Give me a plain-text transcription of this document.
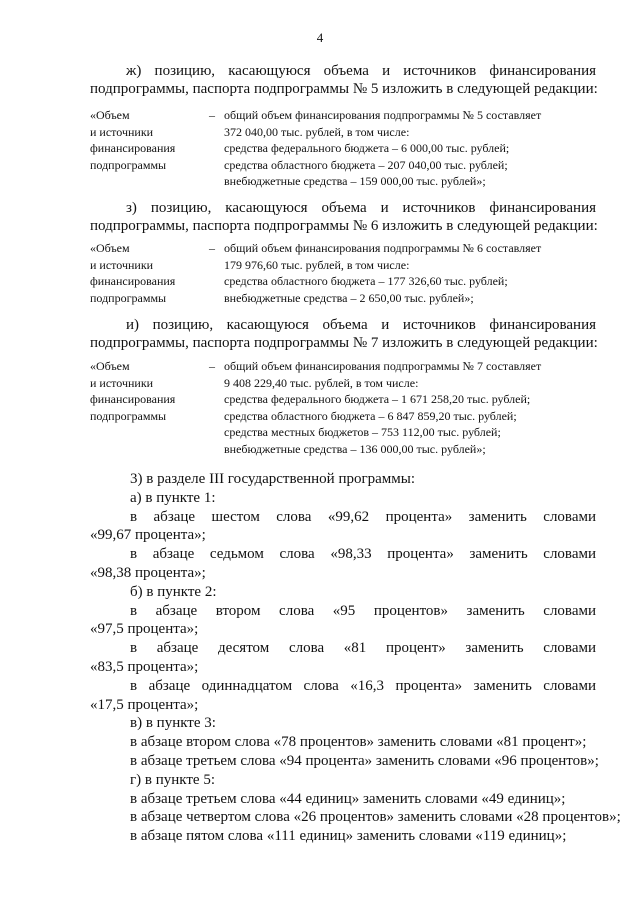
4
ж) позицию, касающуюся объема и источников финансирования
подпрограммы, паспорта подпрограммы № 5 изложить в следующей редакции:
«Объем
и источники
финансирования
подпрограммы
– общий объем финансирования подпрограммы № 5 составляет
372 040,00 тыс. рублей, в том числе:
средства федерального бюджета – 6 000,00 тыс. рублей;
средства областного бюджета – 207 040,00 тыс. рублей;
внебюджетные средства – 159 000,00 тыс. рублей»;
з) позицию, касающуюся объема и источников финансирования
подпрограммы, паспорта подпрограммы № 6 изложить в следующей редакции:
«Объем
и источники
финансирования
подпрограммы
– общий объем финансирования подпрограммы № 6 составляет
179 976,60 тыс. рублей, в том числе:
средства областного бюджета – 177 326,60 тыс. рублей;
внебюджетные средства – 2 650,00 тыс. рублей»;
и) позицию, касающуюся объема и источников финансирования
подпрограммы, паспорта подпрограммы № 7 изложить в следующей редакции:
«Объем
и источники
финансирования
подпрограммы
– общий объем финансирования подпрограммы № 7 составляет
9 408 229,40 тыс. рублей, в том числе:
средства федерального бюджета – 1 671 258,20 тыс. рублей;
средства областного бюджета – 6 847 859,20 тыс. рублей;
средства местных бюджетов – 753 112,00 тыс. рублей;
внебюджетные средства – 136 000,00 тыс. рублей»;
3) в разделе III государственной программы:
а) в пункте 1:
в абзаце шестом слова «99,62 процента» заменить словами
«99,67 процента»;
в абзаце седьмом слова «98,33 процента» заменить словами
«98,38 процента»;
б) в пункте 2:
в абзаце втором слова «95 процентов» заменить словами
«97,5 процента»;
в абзаце десятом слова «81 процент» заменить словами
«83,5 процента»;
в абзаце одиннадцатом слова «16,3 процента» заменить словами
«17,5 процента»;
в) в пункте 3:
в абзаце втором слова «78 процентов» заменить словами «81 процент»;
в абзаце третьем слова «94 процента» заменить словами «96 процентов»;
г) в пункте 5:
в абзаце третьем слова «44 единиц» заменить словами «49 единиц»;
в абзаце четвертом слова «26 процентов» заменить словами «28 процентов»;
в абзаце пятом слова «111 единиц» заменить словами «119 единиц»;
